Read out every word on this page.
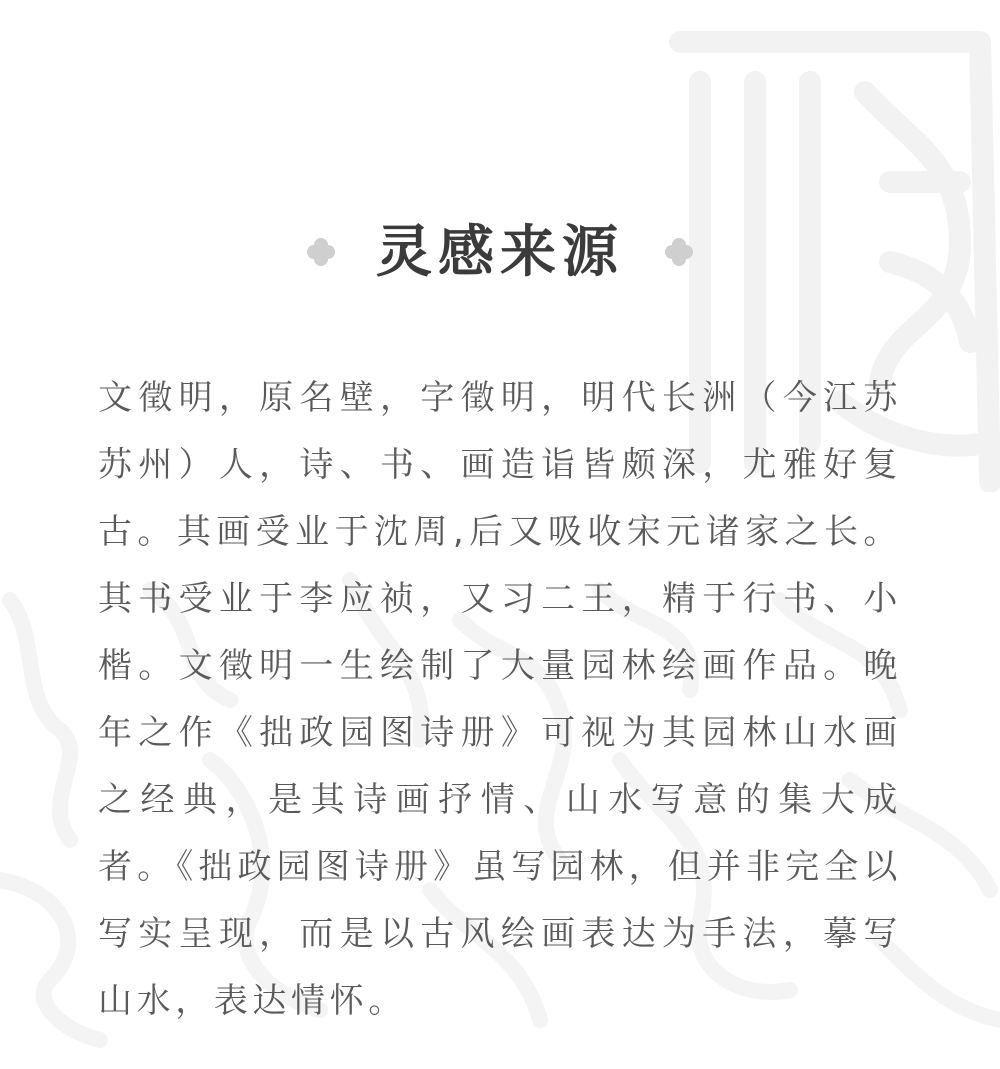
灵感来源

文徵明，原名壁，字徵明，明代长洲（今江苏苏州）人，诗、书、画造诣皆颇深，尤雅好复古。其画受业于沈周,后又吸收宋元诸家之长。其书受业于李应祯，又习二王，精于行书、小楷。文徵明一生绘制了大量园林绘画作品。晚年之作《拙政园图诗册》可视为其园林山水画之经典，是其诗画抒情、山水写意的集大成者。《拙政园图诗册》虽写园林，但并非完全以写实呈现，而是以古风绘画表达为手法，摹写山水，表达情怀。
